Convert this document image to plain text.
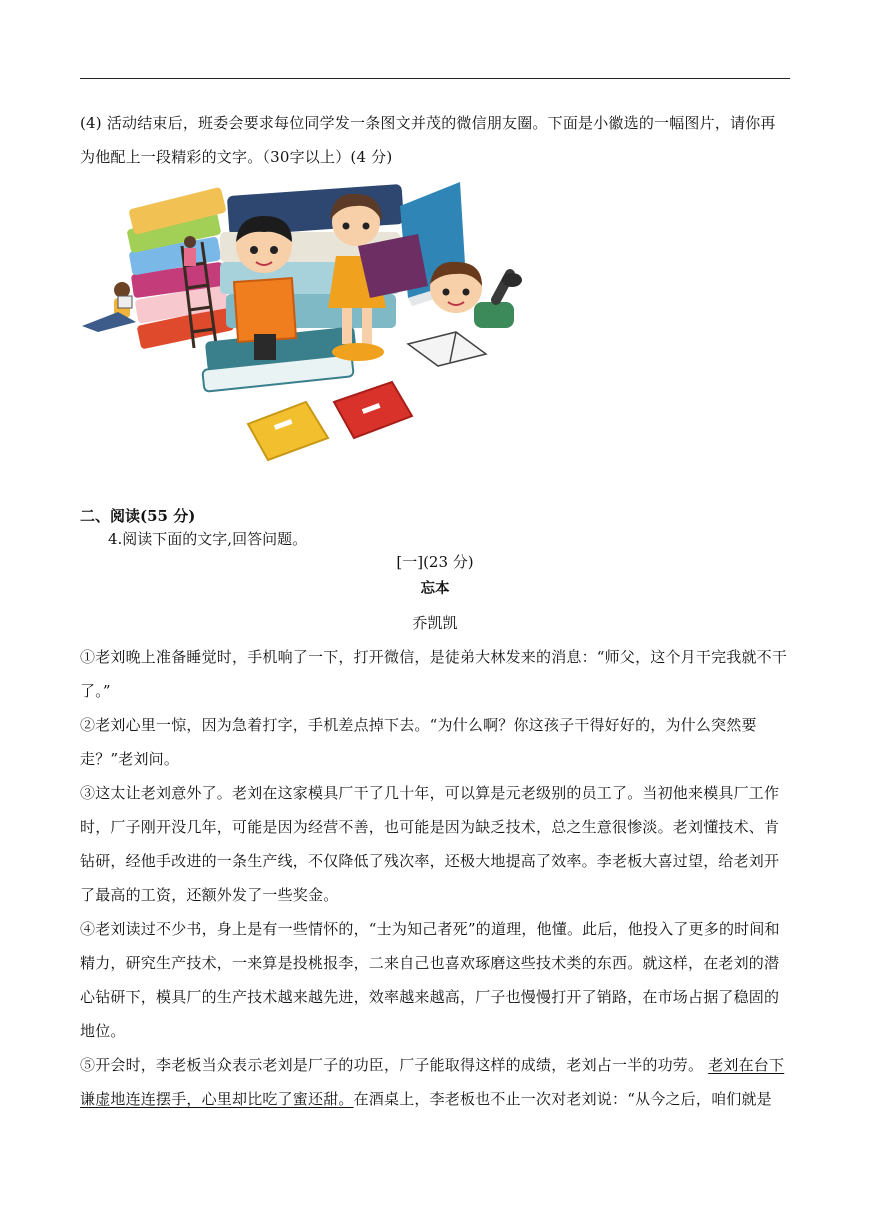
(4) 活动结束后，班委会要求每位同学发一条图文并茂的微信朋友圈。下面是小徽选的一幅图片，请你再为他配上一段精彩的文字。（30字以上）(4 分)
二、阅读(55 分)
4.阅读下面的文字,回答问题。
[一](23 分)
忘本
乔凯凯

①老刘晚上准备睡觉时，手机响了一下，打开微信，是徒弟大林发来的消息：“师父，这个月干完我就不干了。”

②老刘心里一惊，因为急着打字，手机差点掉下去。“为什么啊？你这孩子干得好好的，为什么突然要走？”老刘问。

③这太让老刘意外了。老刘在这家模具厂干了几十年，可以算是元老级别的员工了。当初他来模具厂工作时，厂子刚开没几年，可能是因为经营不善，也可能是因为缺乏技术，总之生意很惨淡。老刘懂技术、肯钻研，经他手改进的一条生产线，不仅降低了残次率，还极大地提高了效率。李老板大喜过望，给老刘开了最高的工资，还额外发了一些奖金。

④老刘读过不少书，身上是有一些情怀的，“士为知己者死”的道理，他懂。此后，他投入了更多的时间和精力，研究生产技术，一来算是投桃报李，二来自己也喜欢琢磨这些技术类的东西。就这样，在老刘的潜心钻研下，模具厂的生产技术越来越先进，效率越来越高，厂子也慢慢打开了销路，在市场占据了稳固的地位。

⑤开会时，李老板当众表示老刘是厂子的功臣，厂子能取得这样的成绩，老刘占一半的功劳。 老刘在台下谦虚地连连摆手，心里却比吃了蜜还甜。在酒桌上，李老板也不止一次对老刘说：“从今之后，咱们就是
